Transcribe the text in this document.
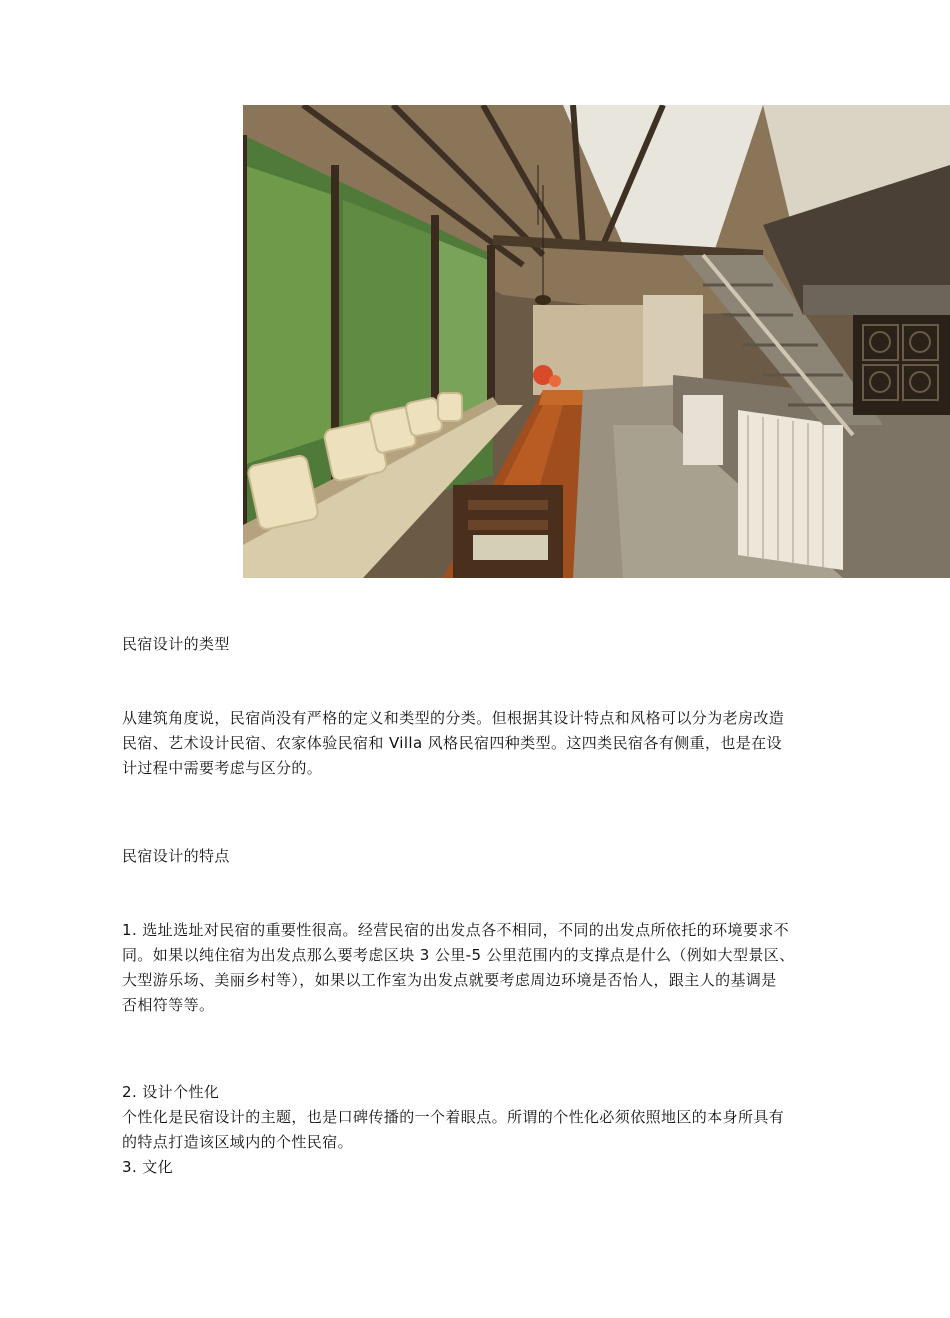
民宿设计的类型

从建筑角度说，民宿尚没有严格的定义和类型的分类。但根据其设计特点和风格可以分为老房改造
民宿、艺术设计民宿、农家体验民宿和 Villa 风格民宿四种类型。这四类民宿各有侧重，也是在设
计过程中需要考虑与区分的。

民宿设计的特点

1. 选址选址对民宿的重要性很高。经营民宿的出发点各不相同，不同的出发点所依托的环境要求不
同。如果以纯住宿为出发点那么要考虑区块 3 公里-5 公里范围内的支撑点是什么（例如大型景区、
大型游乐场、美丽乡村等），如果以工作室为出发点就要考虑周边环境是否怡人，跟主人的基调是
否相符等等。

2. 设计个性化
个性化是民宿设计的主题，也是口碑传播的一个着眼点。所谓的个性化必须依照地区的本身所具有
的特点打造该区域内的个性民宿。
3. 文化
